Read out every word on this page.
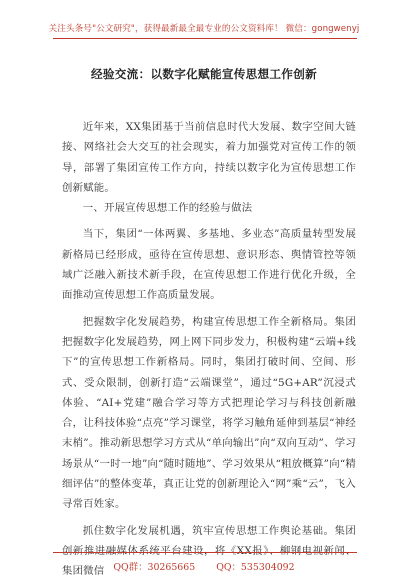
关注头条号"公文研究"，获得最新最全最专业的公文资料库！ 微信：gongwenyj
经验交流：以数字化赋能宣传思想工作创新

近年来，XX集团基于当前信息时代大发展、数字空间大链接、网络社会大交互的社会现实，着力加强党对宣传工作的领导，部署了集团宣传工作方向，持续以数字化为宣传思想工作创新赋能。

一、开展宣传思想工作的经验与做法

当下，集团“一体两翼、多基地、多业态”高质量转型发展新格局已经形成，亟待在宣传思想、意识形态、舆情管控等领域广泛融入新技术新手段，在宣传思想工作进行优化升级，全面推动宣传思想工作高质量发展。

把握数字化发展趋势，构建宣传思想工作全新格局。集团把握数字化发展趋势，网上网下同步发力，积极构建“云端+线下”的宣传思想工作新格局。同时，集团打破时间、空间、形式、受众限制，创新打造“云端课堂”，通过“5G+AR”沉浸式体验、“AI+党建”融合学习等方式把理论学习与科技创新融合，让科技体验“点亮”学习课堂，将学习触角延伸到基层“神经末梢”。推动新思想学习方式从“单向输出”向“双向互动”、学习场景从“一时一地”向“随时随地”、学习效果从“粗放概算”向“精细评估”的整体变革，真正让党的创新理论入“网”乘“云”，飞入寻常百姓家。

抓住数字化发展机遇，筑牢宣传思想工作舆论基础。集团创新推进融媒体系统平台建设，将《XX报》、柳钢电视新闻、集团微信 QQ群：30265665 QQ：535304092
